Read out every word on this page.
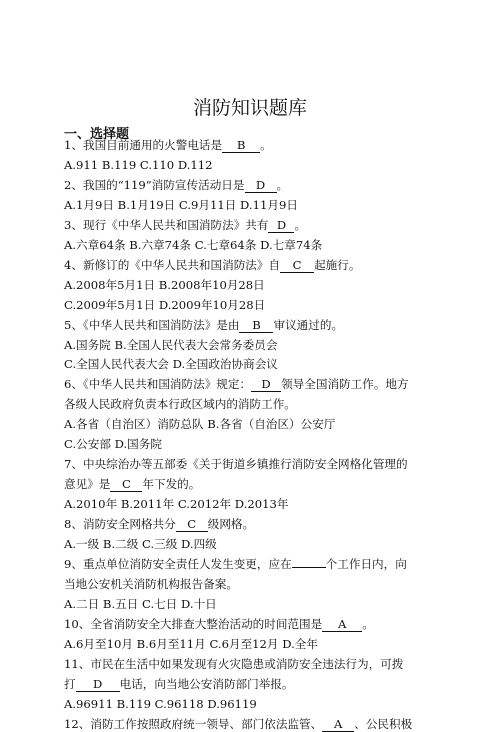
消防知识题库
一、选择题
1、我国目前通用的火警电话是 B 。
A.911 B.119 C.110 D.112
2、我国的“119”消防宣传活动日是 D 。
A.1月9日 B.1月19日 C.9月11日 D.11月9日
3、现行《中华人民共和国消防法》共有 D 。
A.六章64条 B.六章74条 C.七章64条 D.七章74条
4、新修订的《中华人民共和国消防法》自 C 起施行。
A.2008年5月1日 B.2008年10月28日
C.2009年5月1日 D.2009年10月28日
5、《中华人民共和国消防法》是由 B 审议通过的。
A.国务院 B.全国人民代表大会常务委员会
C.全国人民代表大会 D.全国政治协商会议
6、《中华人民共和国消防法》规定： D 领导全国消防工作。地方
各级人民政府负责本行政区域内的消防工作。
A.各省（自治区）消防总队 B.各省（自治区）公安厅
C.公安部 D.国务院
7、中央综治办等五部委《关于街道乡镇推行消防安全网格化管理的
意见》是 C 年下发的。
A.2010年 B.2011年 C.2012年 D.2013年
8、消防安全网格共分 C 级网格。
A.一级 B.二级 C.三级 D.四级
9、重点单位消防安全责任人发生变更，应在	个工作日内，向
当地公安机关消防机构报告备案。
A.二日 B.五日 C.七日 D.十日
10、全省消防安全大排查大整治活动的时间范围是 A 。
A.6月至10月 B.6月至11月 C.6月至12月 D.全年
11、市民在生活中如果发现有火灾隐患或消防安全违法行为，可拨
打 D 电话，向当地公安消防部门举报。
A.96911 B.119 C.96118 D.96119
12、消防工作按照政府统一领导、部门依法监管、 A 、公民积极
